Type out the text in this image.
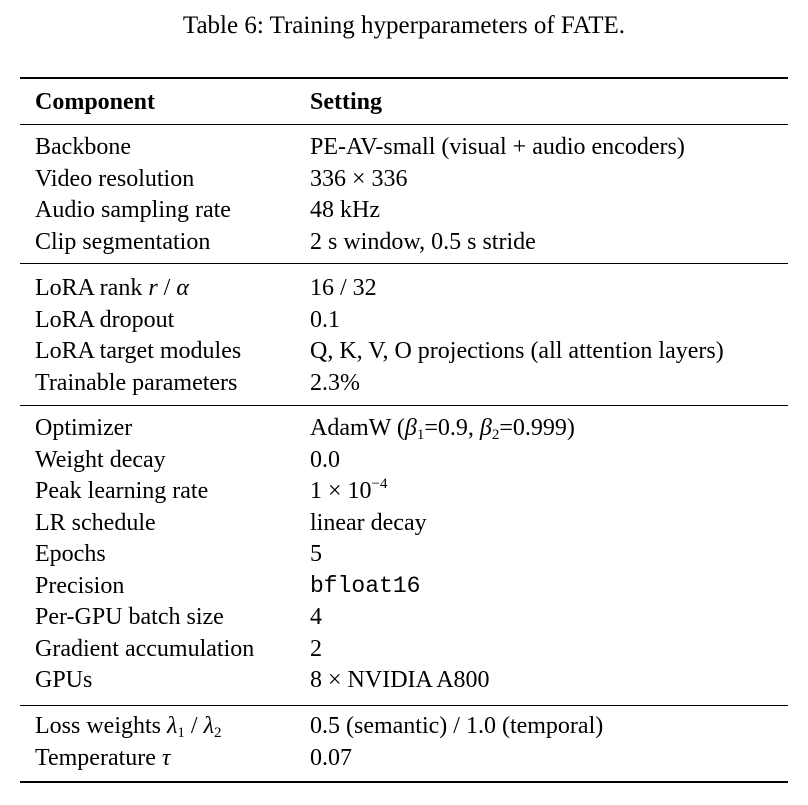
Table 6: Training hyperparameters of FATE.
Component	Setting
Backbone	PE-AV-small (visual + audio encoders)
Video resolution	336 × 336
Audio sampling rate	48 kHz
Clip segmentation	2 s window, 0.5 s stride
LoRA rank r / α	16 / 32
LoRA dropout	0.1
LoRA target modules	Q, K, V, O projections (all attention layers)
Trainable parameters	2.3%
Optimizer	AdamW ($\beta_1=0.9$, $\beta_2=0.999$)
Weight decay	0.0
Peak learning rate	$1 \times 10^{-4}$
LR schedule	linear decay
Epochs	5
Precision	bfloat16
Per-GPU batch size	4
Gradient accumulation 2
GPUs	8 × NVIDIA A800
Loss weights $\lambda_1 / \lambda_2$	0.5 (semantic) / 1.0 (temporal)
Temperature τ	0.07
